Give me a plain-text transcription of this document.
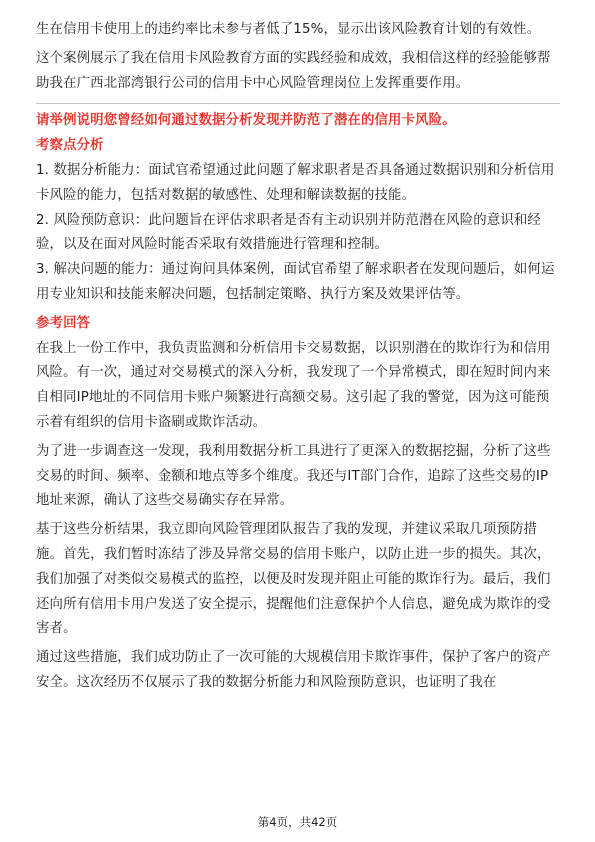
生在信用卡使用上的违约率比未参与者低了15%，显示出该风险教育计划的有效性。

这个案例展示了我在信用卡风险教育方面的实践经验和成效，我相信这样的经验能够帮助我在广西北部湾银行公司的信用卡中心风险管理岗位上发挥重要作用。

请举例说明您曾经如何通过数据分析发现并防范了潜在的信用卡风险。

考察点分析

1. 数据分析能力：面试官希望通过此问题了解求职者是否具备通过数据识别和分析信用卡风险的能力，包括对数据的敏感性、处理和解读数据的技能。

2. 风险预防意识：此问题旨在评估求职者是否有主动识别并防范潜在风险的意识和经验，以及在面对风险时能否采取有效措施进行管理和控制。

3. 解决问题的能力：通过询问具体案例，面试官希望了解求职者在发现问题后，如何运用专业知识和技能来解决问题，包括制定策略、执行方案及效果评估等。

参考回答

在我上一份工作中，我负责监测和分析信用卡交易数据，以识别潜在的欺诈行为和信用风险。有一次，通过对交易模式的深入分析，我发现了一个异常模式，即在短时间内来自相同IP地址的不同信用卡账户频繁进行高额交易。这引起了我的警觉，因为这可能预示着有组织的信用卡盗刷或欺诈活动。

为了进一步调查这一发现，我利用数据分析工具进行了更深入的数据挖掘，分析了这些交易的时间、频率、金额和地点等多个维度。我还与IT部门合作，追踪了这些交易的IP地址来源，确认了这些交易确实存在异常。

基于这些分析结果，我立即向风险管理团队报告了我的发现，并建议采取几项预防措施。首先，我们暂时冻结了涉及异常交易的信用卡账户，以防止进一步的损失。其次，我们加强了对类似交易模式的监控，以便及时发现并阻止可能的欺诈行为。最后，我们还向所有信用卡用户发送了安全提示，提醒他们注意保护个人信息，避免成为欺诈的受害者。

通过这些措施，我们成功防止了一次可能的大规模信用卡欺诈事件，保护了客户的资产安全。这次经历不仅展示了我的数据分析能力和风险预防意识，也证明了我在

第4页，共42页
